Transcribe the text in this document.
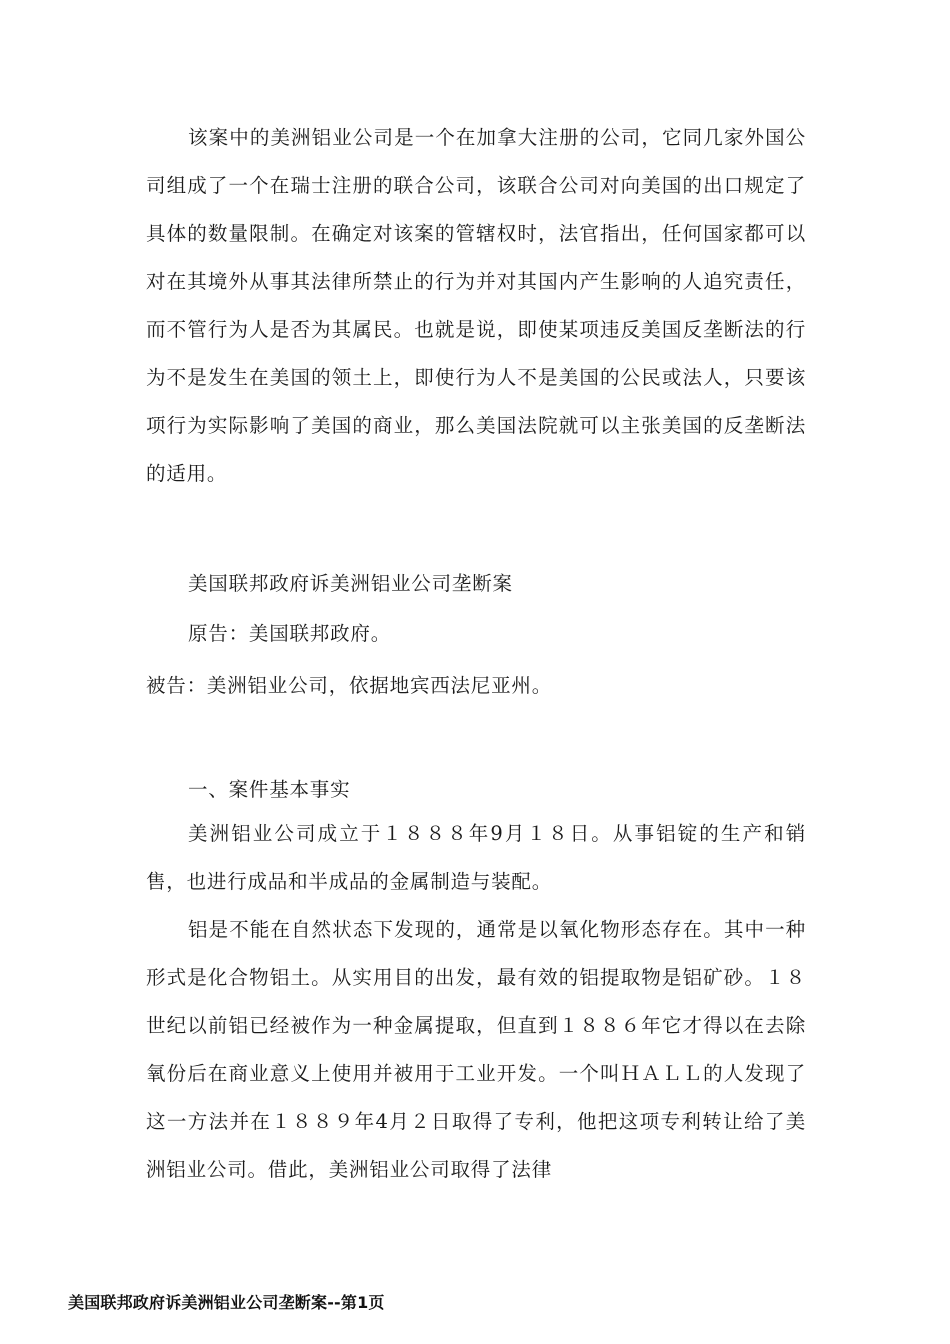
该案中的美洲铝业公司是一个在加拿大注册的公司，它同几家外国公司组成了一个在瑞士注册的联合公司，该联合公司对向美国的出口规定了具体的数量限制。在确定对该案的管辖权时，法官指出，任何国家都可以对在其境外从事其法律所禁止的行为并对其国内产生影响的人追究责任，而不管行为人是否为其属民。也就是说，即使某项违反美国反垄断法的行为不是发生在美国的领土上，即使行为人不是美国的公民或法人，只要该项行为实际影响了美国的商业，那么美国法院就可以主张美国的反垄断法的适用。
美国联邦政府诉美洲铝业公司垄断案
原告：美国联邦政府。
被告：美洲铝业公司，依据地宾西法尼亚州。
一、案件基本事实
美洲铝业公司成立于１８８８年9月１８日。从事铝锭的生产和销售，也进行成品和半成品的金属制造与装配。
铝是不能在自然状态下发现的，通常是以氧化物形态存在。其中一种形式是化合物铝土。从实用目的出发，最有效的铝提取物是铝矿砂。１８世纪以前铝已经被作为一种金属提取，但直到１８８６年它才得以在去除氧份后在商业意义上使用并被用于工业开发。一个叫ＨＡＬＬ的人发现了这一方法并在１８８９年4月２日取得了专利，他把这项专利转让给了美洲铝业公司。借此，美洲铝业公司取得了法律
美国联邦政府诉美洲铝业公司垄断案--第1页
